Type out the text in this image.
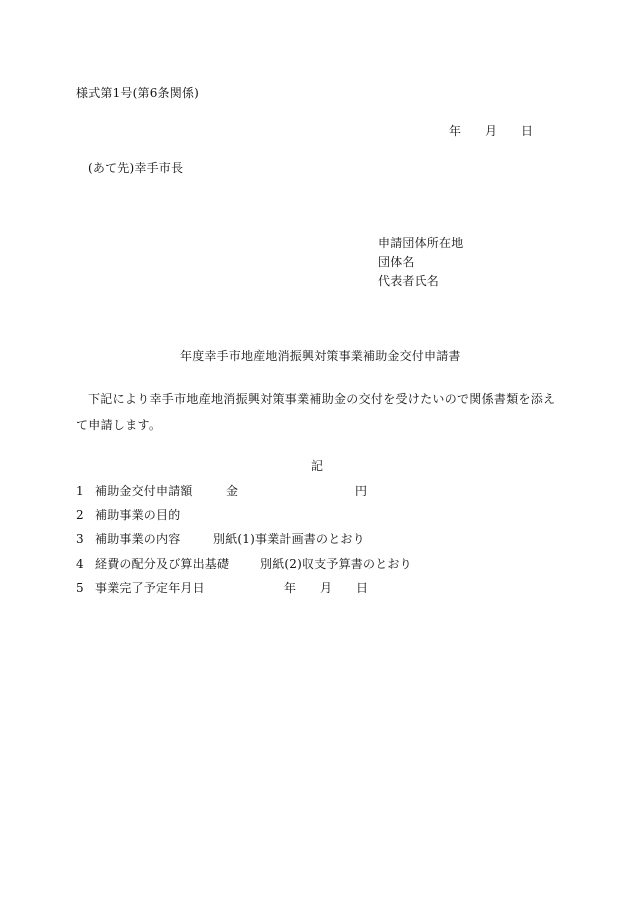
様式第1号(第6条関係)
年 月 日
(あて先)幸手市長
申請団体所在地
団体名
代表者氏名
年度幸手市地産地消振興対策事業補助金交付申請書
下記により幸手市地産地消振興対策事業補助金の交付を受けたいので関係書類を添えて申請します。
記
1 補助金交付申請額	金	円
2 補助事業の目的
3 補助事業の内容	別紙(1)事業計画書のとおり
4 経費の配分及び算出基礎	別紙(2)収支予算書のとおり
5 事業完了予定年月日	年 月 日
